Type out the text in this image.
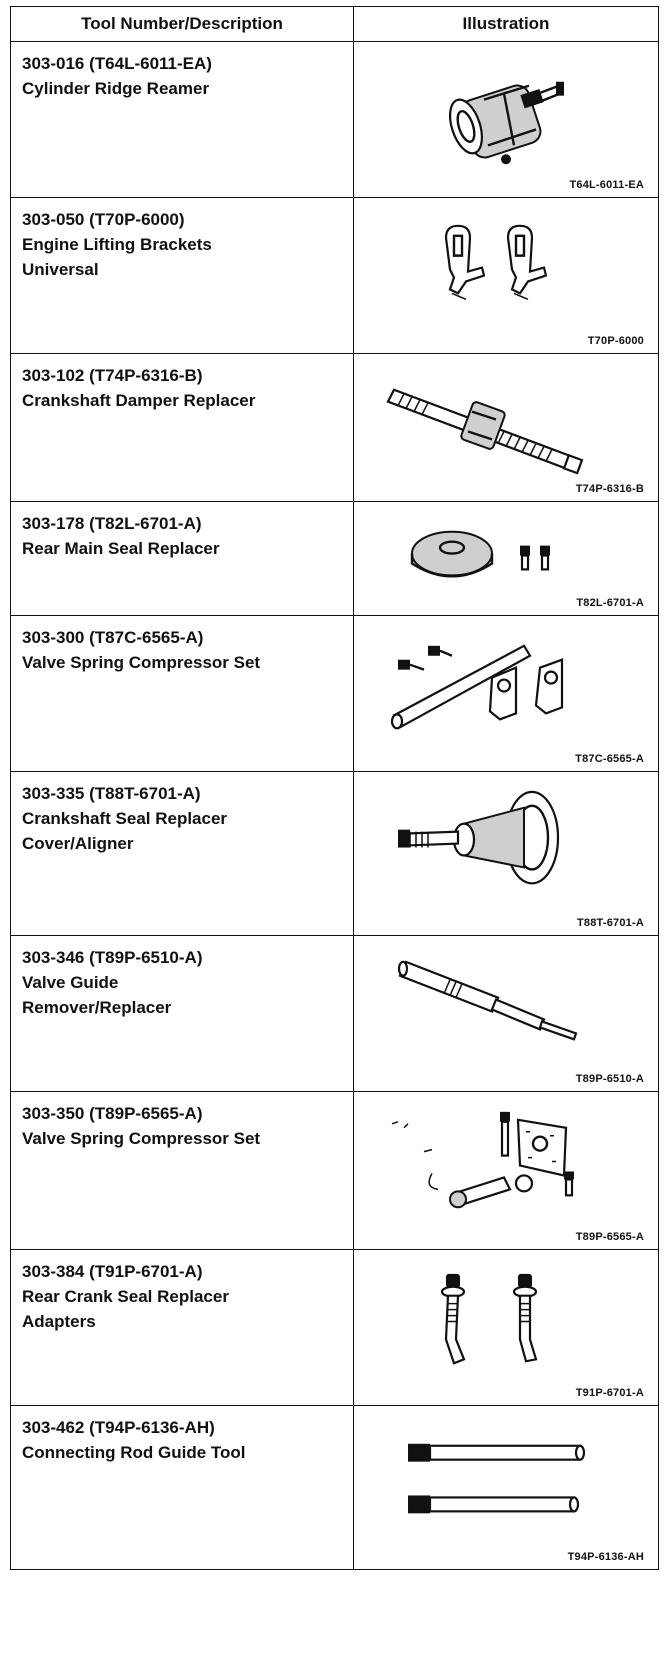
Tool Number/Description	Illustration

303-016 (T64L-6011-EA)
Cylinder Ridge Reamer	T64L-6011-EA

303-050 (T70P-6000)
Engine Lifting Brackets
Universal	T70P-6000

303-102 (T74P-6316-B)
Crankshaft Damper Replacer	T74P-6316-B

303-178 (T82L-6701-A)
Rear Main Seal Replacer	T82L-6701-A

303-300 (T87C-6565-A)
Valve Spring Compressor Set	T87C-6565-A

303-335 (T88T-6701-A)
Crankshaft Seal Replacer
Cover/Aligner	T88T-6701-A

303-346 (T89P-6510-A)
Valve Guide
Remover/Replacer	T89P-6510-A

303-350 (T89P-6565-A)
Valve Spring Compressor Set	T89P-6565-A

303-384 (T91P-6701-A)
Rear Crank Seal Replacer
Adapters	T91P-6701-A

303-462 (T94P-6136-AH)
Connecting Rod Guide Tool	T94P-6136-AH
